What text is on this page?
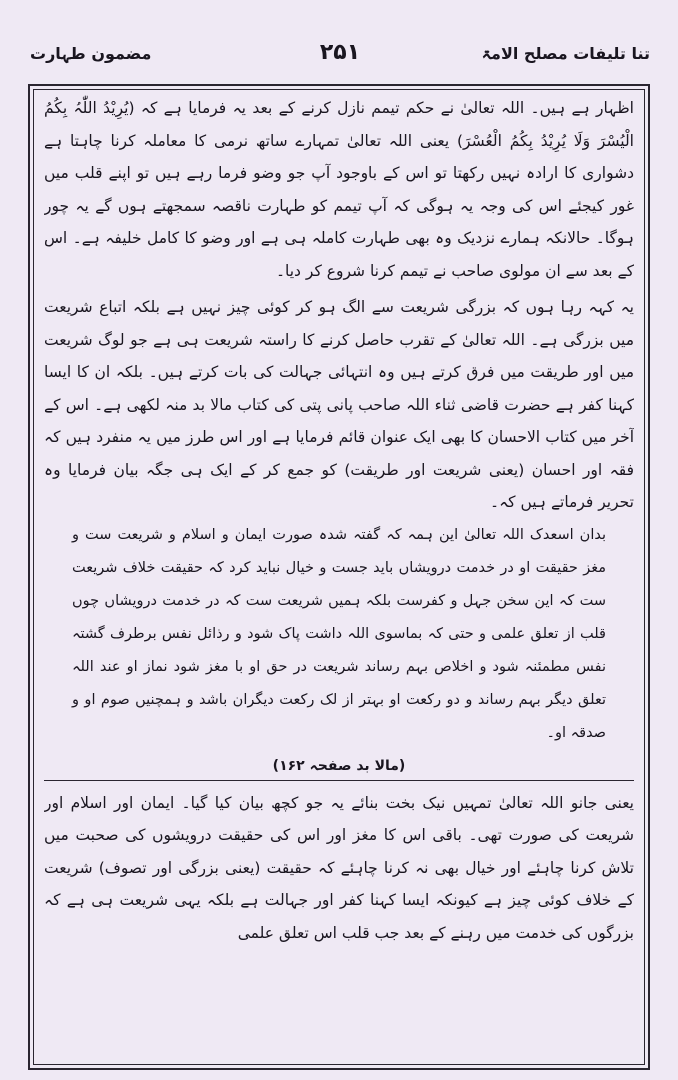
تنا تلیفات مصلح الامۃ
۲۵۱
مضمون طہارت

اظہار ہے ہیں۔ اللہ تعالیٰ نے حکم تیمم نازل کرنے کے بعد یہ فرمایا ہے کہ (یُرِیْدُ اللّٰہُ بِکُمُ الْیُسْرَ وَلَا یُرِیْدُ بِکُمُ الْعُسْرَ) یعنی اللہ تعالیٰ تمہارے ساتھ نرمی کا معاملہ کرنا چاہتا ہے دشواری کا ارادہ نہیں رکھتا تو اس کے باوجود آپ جو وضو فرما رہے ہیں تو اپنے قلب میں غور کیجئے اس کی وجہ یہ ہوگی کہ آپ تیمم کو طہارت ناقصہ سمجھتے ہوں گے یہ چور ہوگا۔ حالانکہ ہمارے نزدیک وہ بھی طہارت کاملہ ہی ہے اور وضو کا کامل خلیفہ ہے۔ اس کے بعد سے ان مولوی صاحب نے تیمم کرنا شروع کر دیا۔

یہ کہہ رہا ہوں کہ بزرگی شریعت سے الگ ہو کر کوئی چیز نہیں ہے بلکہ اتباع شریعت میں بزرگی ہے۔ اللہ تعالیٰ کے تقرب حاصل کرنے کا راستہ شریعت ہی ہے جو لوگ شریعت میں اور طریقت میں فرق کرتے ہیں وہ انتہائی جہالت کی بات کرتے ہیں۔ بلکہ ان کا ایسا کہنا کفر ہے حضرت قاضی ثناء اللہ صاحب پانی پتی کی کتاب مالا بد منہ لکھی ہے۔ اس کے آخر میں کتاب الاحسان کا بھی ایک عنوان قائم فرمایا ہے اور اس طرز میں یہ منفرد ہیں کہ فقہ اور احسان (یعنی شریعت اور طریقت) کو جمع کر کے ایک ہی جگہ بیان فرمایا وہ تحریر فرماتے ہیں کہ۔

بدان اسعدک اللہ تعالیٰ این ہمہ کہ گفتہ شدہ صورت ایمان و اسلام و شریعت ست و مغز حقیقت او در خدمت درویشاں باید جست و خیال نباید کرد کہ حقیقت خلاف شریعت ست کہ این سخن جہل و کفرست بلکہ ہمیں شریعت ست کہ در خدمت درویشاں چوں قلب از تعلق علمی و حتی کہ بماسوی اللہ داشت پاک شود و رذائل نفس برطرف گشتہ نفس مطمئنہ شود و اخلاص بہم رساند شریعت در حق او با مغز شود نماز او عند اللہ تعلق دیگر بہم رساند و دو رکعت او بہتر از لک رکعت دیگران باشد و ہمچنیں صوم او و صدقہ او۔

(مالا بد صفحہ ۱۶۲)

یعنی جانو اللہ تعالیٰ تمہیں نیک بخت بنائے یہ جو کچھ بیان کیا گیا۔ ایمان اور اسلام اور شریعت کی صورت تھی۔ باقی اس کا مغز اور اس کی حقیقت درویشوں کی صحبت میں تلاش کرنا چاہئے اور خیال بھی نہ کرنا چاہئے کہ حقیقت (یعنی بزرگی اور تصوف) شریعت کے خلاف کوئی چیز ہے کیونکہ ایسا کہنا کفر اور جہالت ہے بلکہ یہی شریعت ہی ہے کہ بزرگوں کی خدمت میں رہنے کے بعد جب قلب اس تعلق علمی
